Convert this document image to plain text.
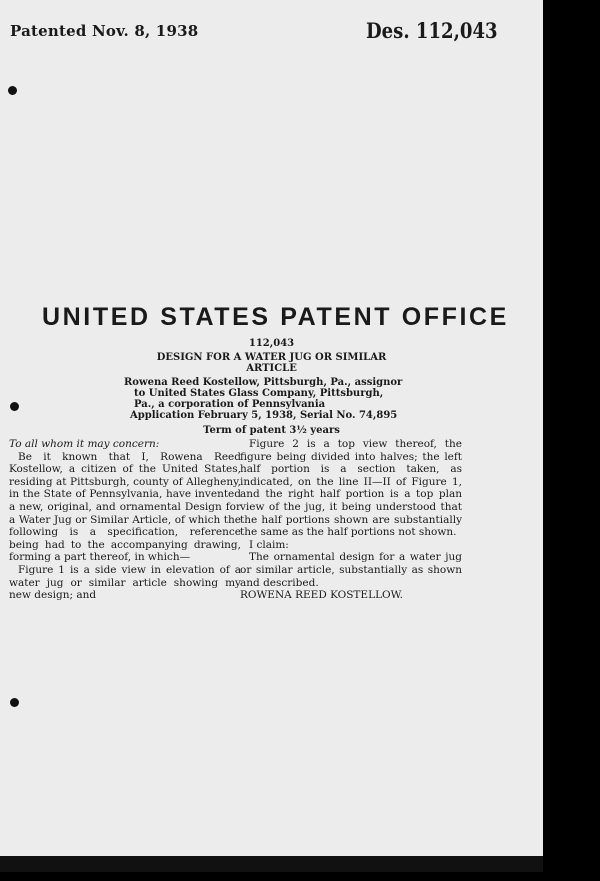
Patented Nov. 8, 1938	Des. 112,043
UNITED STATES PATENT OFFICE
112,043
DESIGN FOR A WATER JUG OR SIMILAR
ARTICLE
Rowena Reed Kostellow, Pittsburgh, Pa., assignor
to United States Glass Company, Pittsburgh,
Pa., a corporation of Pennsylvania
Application February 5, 1938, Serial No. 74,895
Term of patent 3½ years

To all whom it may concern:

Be it known that I, Rowena Reed Kostellow, a citizen of the United States, residing at Pittsburgh, county of Allegheny, in the State of Pennsylvania, have invented a new, original, and ornamental Design for a Water Jug or Similar Article, of which the following is a specification, reference being had to the accompanying drawing, forming a part thereof, in which—

Figure 1 is a side view in elevation of a water jug or similar article showing my new design; and

Figure 2 is a top view thereof, the figure being divided into halves; the left half portion is a section taken, as indicated, on the line II—II of Figure 1, and the right half portion is a top plan view of the jug, it being understood that the half portions shown are substantially the same as the half portions not shown.

I claim:

The ornamental design for a water jug or similar article, substantially as shown and described.

ROWENA REED KOSTELLOW.
